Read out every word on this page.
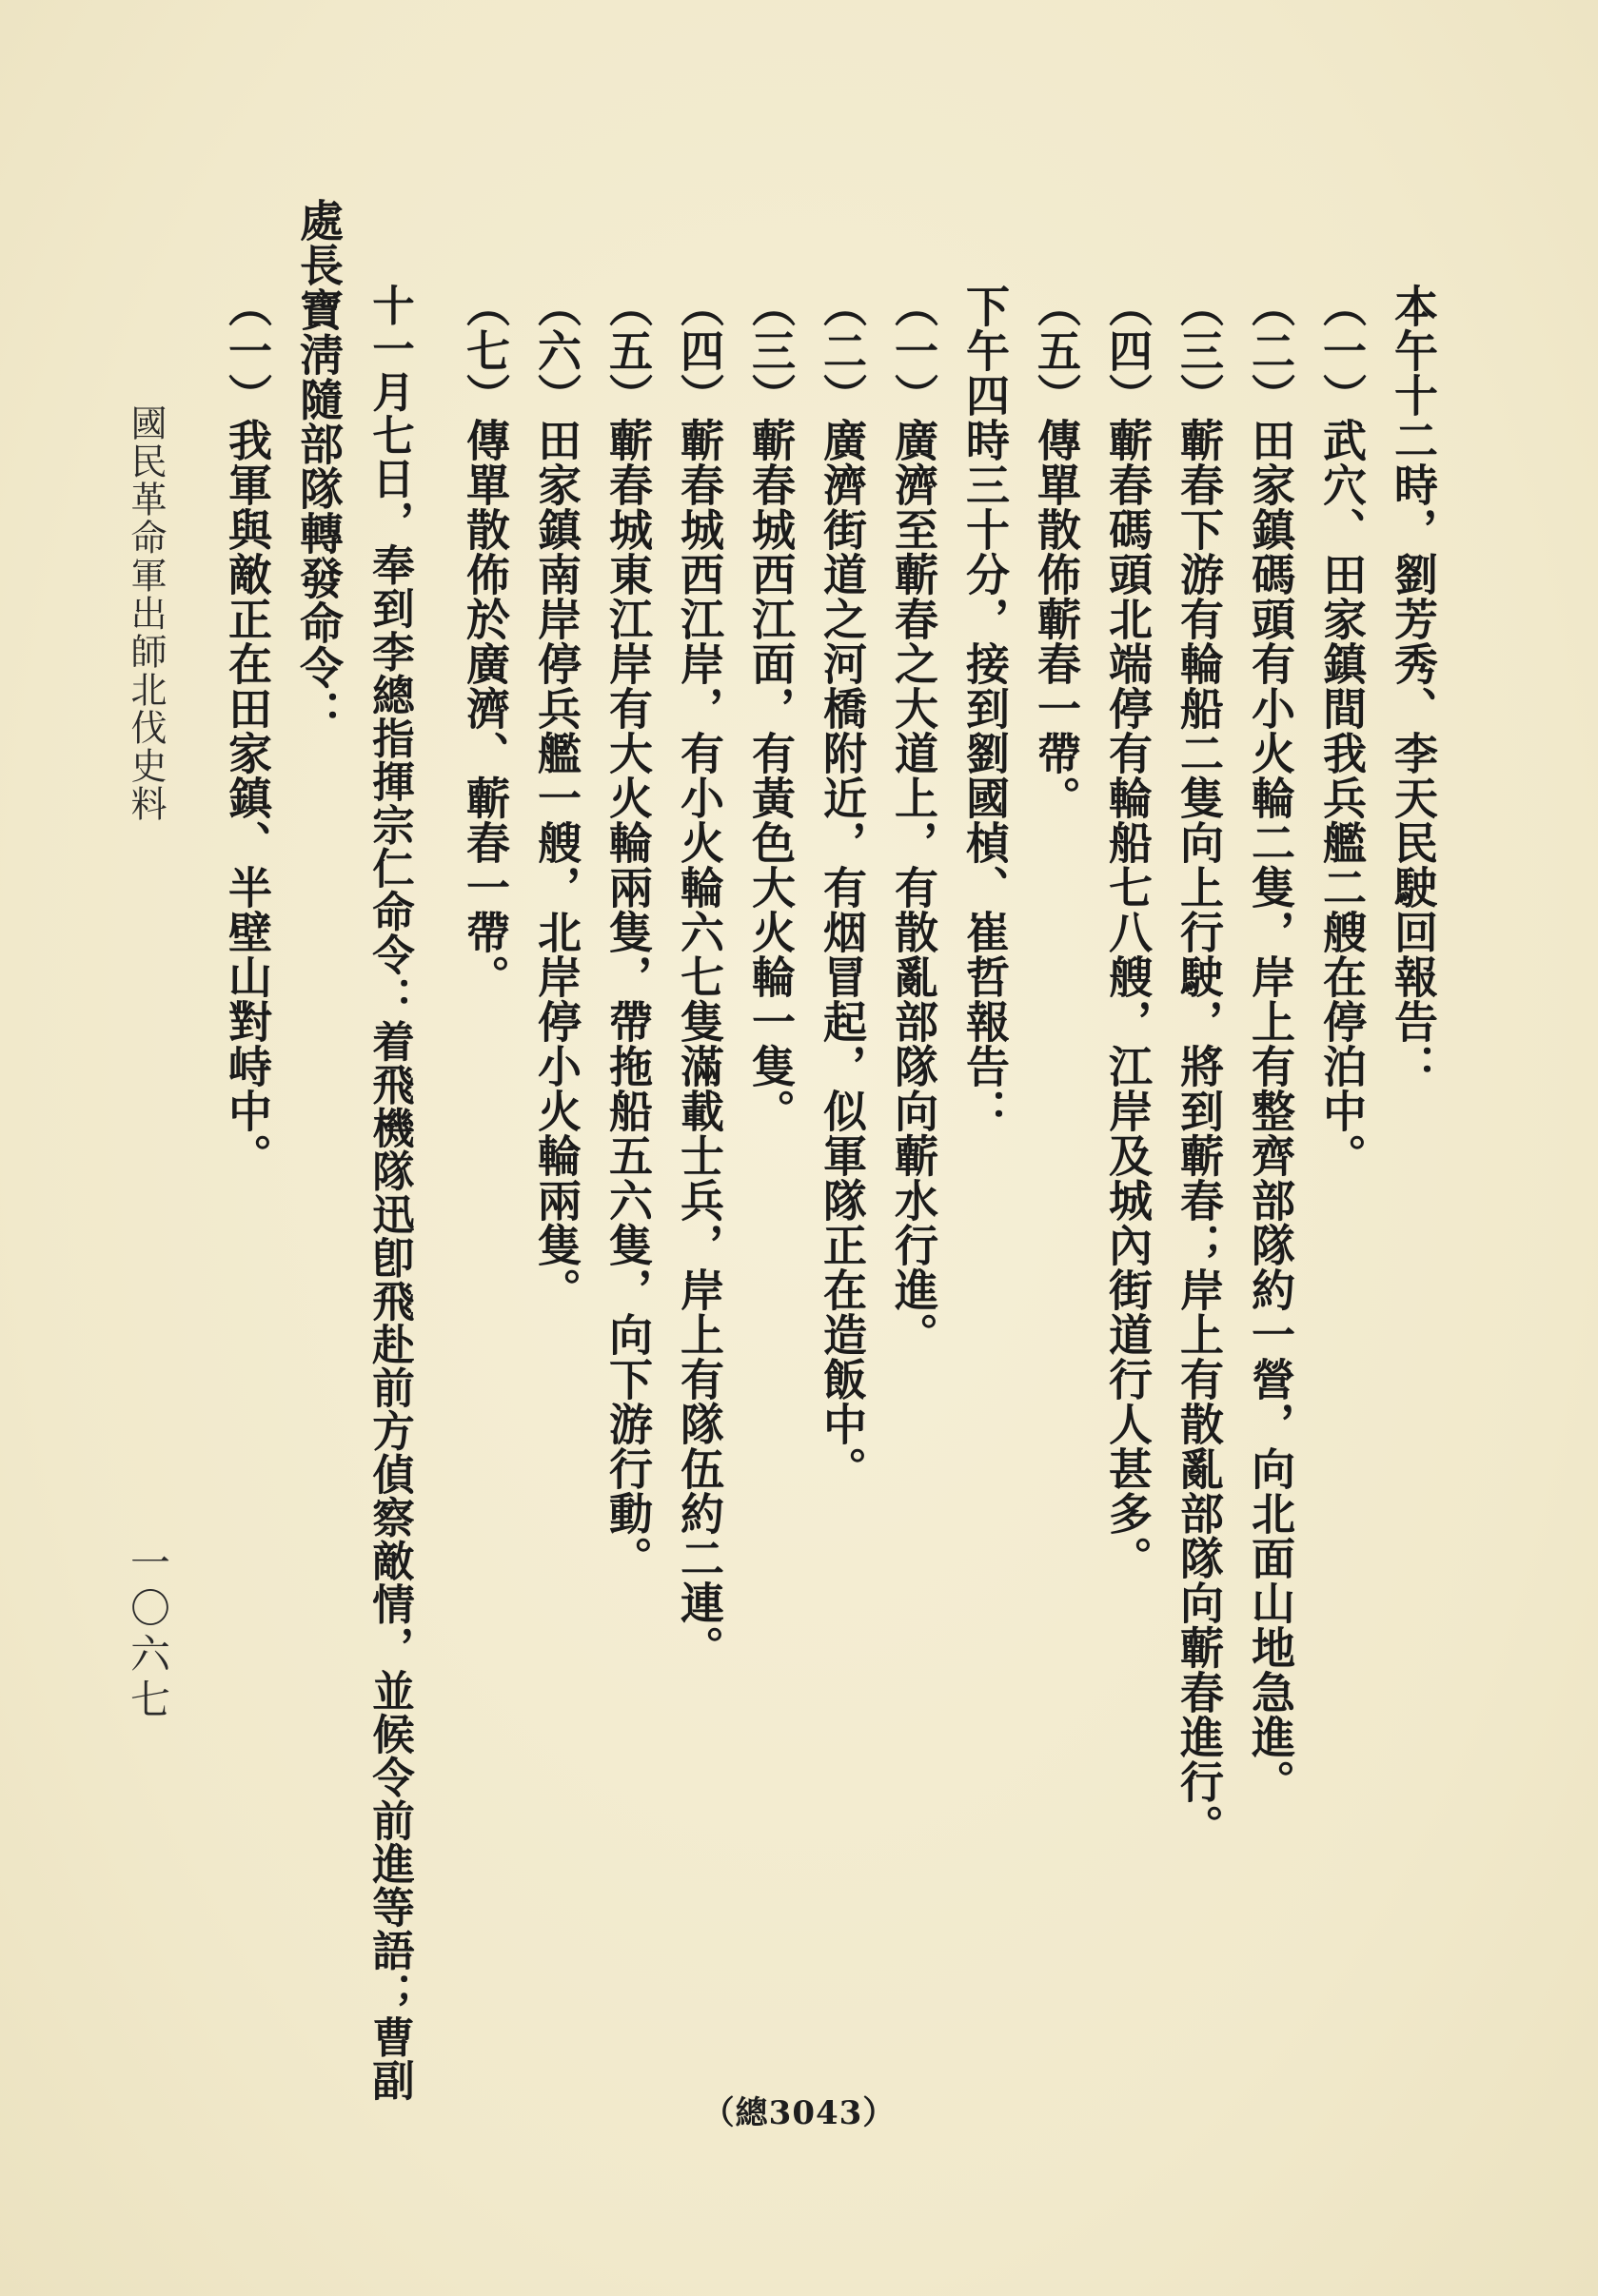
本午十二時，劉芳秀、李天民駛回報告：
（一）武穴、田家鎮間我兵艦二艘在停泊中。
（二）田家鎮碼頭有小火輪二隻，岸上有整齊部隊約一營，向北面山地急進。
（三）蘄春下游有輪船二隻向上行駛，將到蘄春；岸上有散亂部隊向蘄春進行。
（四）蘄春碼頭北端停有輪船七八艘，江岸及城內街道行人甚多。
（五）傳單散佈蘄春一帶。
下午四時三十分，接到劉國楨、崔哲報告：
（一）廣濟至蘄春之大道上，有散亂部隊向蘄水行進。
（二）廣濟街道之河橋附近，有烟冒起，似軍隊正在造飯中。
（三）蘄春城西江面，有黃色大火輪一隻。
（四）蘄春城西江岸，有小火輪六七隻滿載士兵，岸上有隊伍約二連。
（五）蘄春城東江岸有大火輪兩隻，帶拖船五六隻，向下游行動。
（六）田家鎮南岸停兵艦一艘，北岸停小火輪兩隻。
（七）傳單散佈於廣濟、蘄春一帶。
十一月七日，奉到李總指揮宗仁命令：着飛機隊迅卽飛赴前方偵察敵情，並候令前進等語；曹副
處長寶淸隨部隊轉發命令：
（一）我軍與敵正在田家鎮、半壁山對峙中。
國民革命軍出師北伐史料
一〇六七
（總3043）
